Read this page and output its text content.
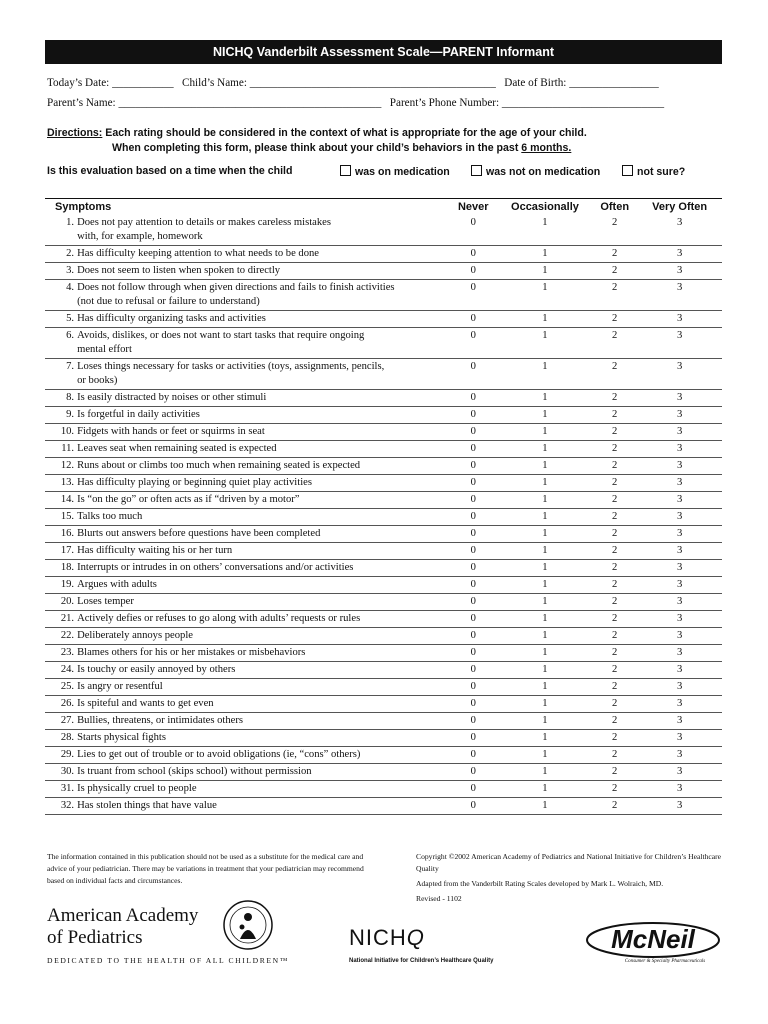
NICHQ Vanderbilt Assessment Scale—PARENT Informant
Today’s Date: ___________   Child’s Name: ____________________________________________   Date of Birth: ________________
Parent’s Name: _______________________________________________   Parent’s Phone Number: _____________________________
Directions: Each rating should be considered in the context of what is appropriate for the age of your child.
When completing this form, please think about your child’s behaviors in the past 6 months.
Is this evaluation based on a time when the child	was on medication	was not on medication	not sure?
Symptoms		Never	Occasionally	Often	Very Often
1.	Does not pay attention to details or makes careless mistakes
with, for example, homework	0	1	2	3
2.	Has difficulty keeping attention to what needs to be done	0	1	2	3
3.	Does not seem to listen when spoken to directly	0	1	2	3
4.	Does not follow through when given directions and fails to finish activities
(not due to refusal or failure to understand)	0	1	2	3
5.	Has difficulty organizing tasks and activities	0	1	2	3
6.	Avoids, dislikes, or does not want to start tasks that require ongoing
mental effort	0	1	2	3
7.	Loses things necessary for tasks or activities (toys, assignments, pencils,
or books)	0	1	2	3
8.	Is easily distracted by noises or other stimuli	0	1	2	3
9.	Is forgetful in daily activities	0	1	2	3
10.	Fidgets with hands or feet or squirms in seat	0	1	2	3
11.	Leaves seat when remaining seated is expected	0	1	2	3
12.	Runs about or climbs too much when remaining seated is expected	0	1	2	3
13.	Has difficulty playing or beginning quiet play activities	0	1	2	3
14.	Is “on the go” or often acts as if “driven by a motor”	0	1	2	3
15.	Talks too much	0	1	2	3
16.	Blurts out answers before questions have been completed	0	1	2	3
17.	Has difficulty waiting his or her turn	0	1	2	3
18.	Interrupts or intrudes in on others’ conversations and/or activities	0	1	2	3
19.	Argues with adults	0	1	2	3
20.	Loses temper	0	1	2	3
21.	Actively defies or refuses to go along with adults’ requests or rules	0	1	2	3
22.	Deliberately annoys people	0	1	2	3
23.	Blames others for his or her mistakes or misbehaviors	0	1	2	3
24.	Is touchy or easily annoyed by others	0	1	2	3
25.	Is angry or resentful	0	1	2	3
26.	Is spiteful and wants to get even	0	1	2	3
27.	Bullies, threatens, or intimidates others	0	1	2	3
28.	Starts physical fights	0	1	2	3
29.	Lies to get out of trouble or to avoid obligations (ie, “cons” others)	0	1	2	3
30.	Is truant from school (skips school) without permission	0	1	2	3
31.	Is physically cruel to people	0	1	2	3
32.	Has stolen things that have value	0	1	2	3
The information contained in this publication should not be used as a substitute for the medical care and advice of your pediatrician. There may be variations in treatment that your pediatrician may recommend based on individual facts and circumstances.
Copyright ©2002 American Academy of Pediatrics and National Initiative for Children’s Healthcare Quality
Adapted from the Vanderbilt Rating Scales developed by Mark L. Wolraich, MD.
Revised - 1102
American Academy
of Pediatrics
DEDICATED TO THE HEALTH OF ALL CHILDREN™
NICHQ
National Initiative for Children’s Healthcare Quality
McNeil
Consumer & Specialty Pharmaceuticals
